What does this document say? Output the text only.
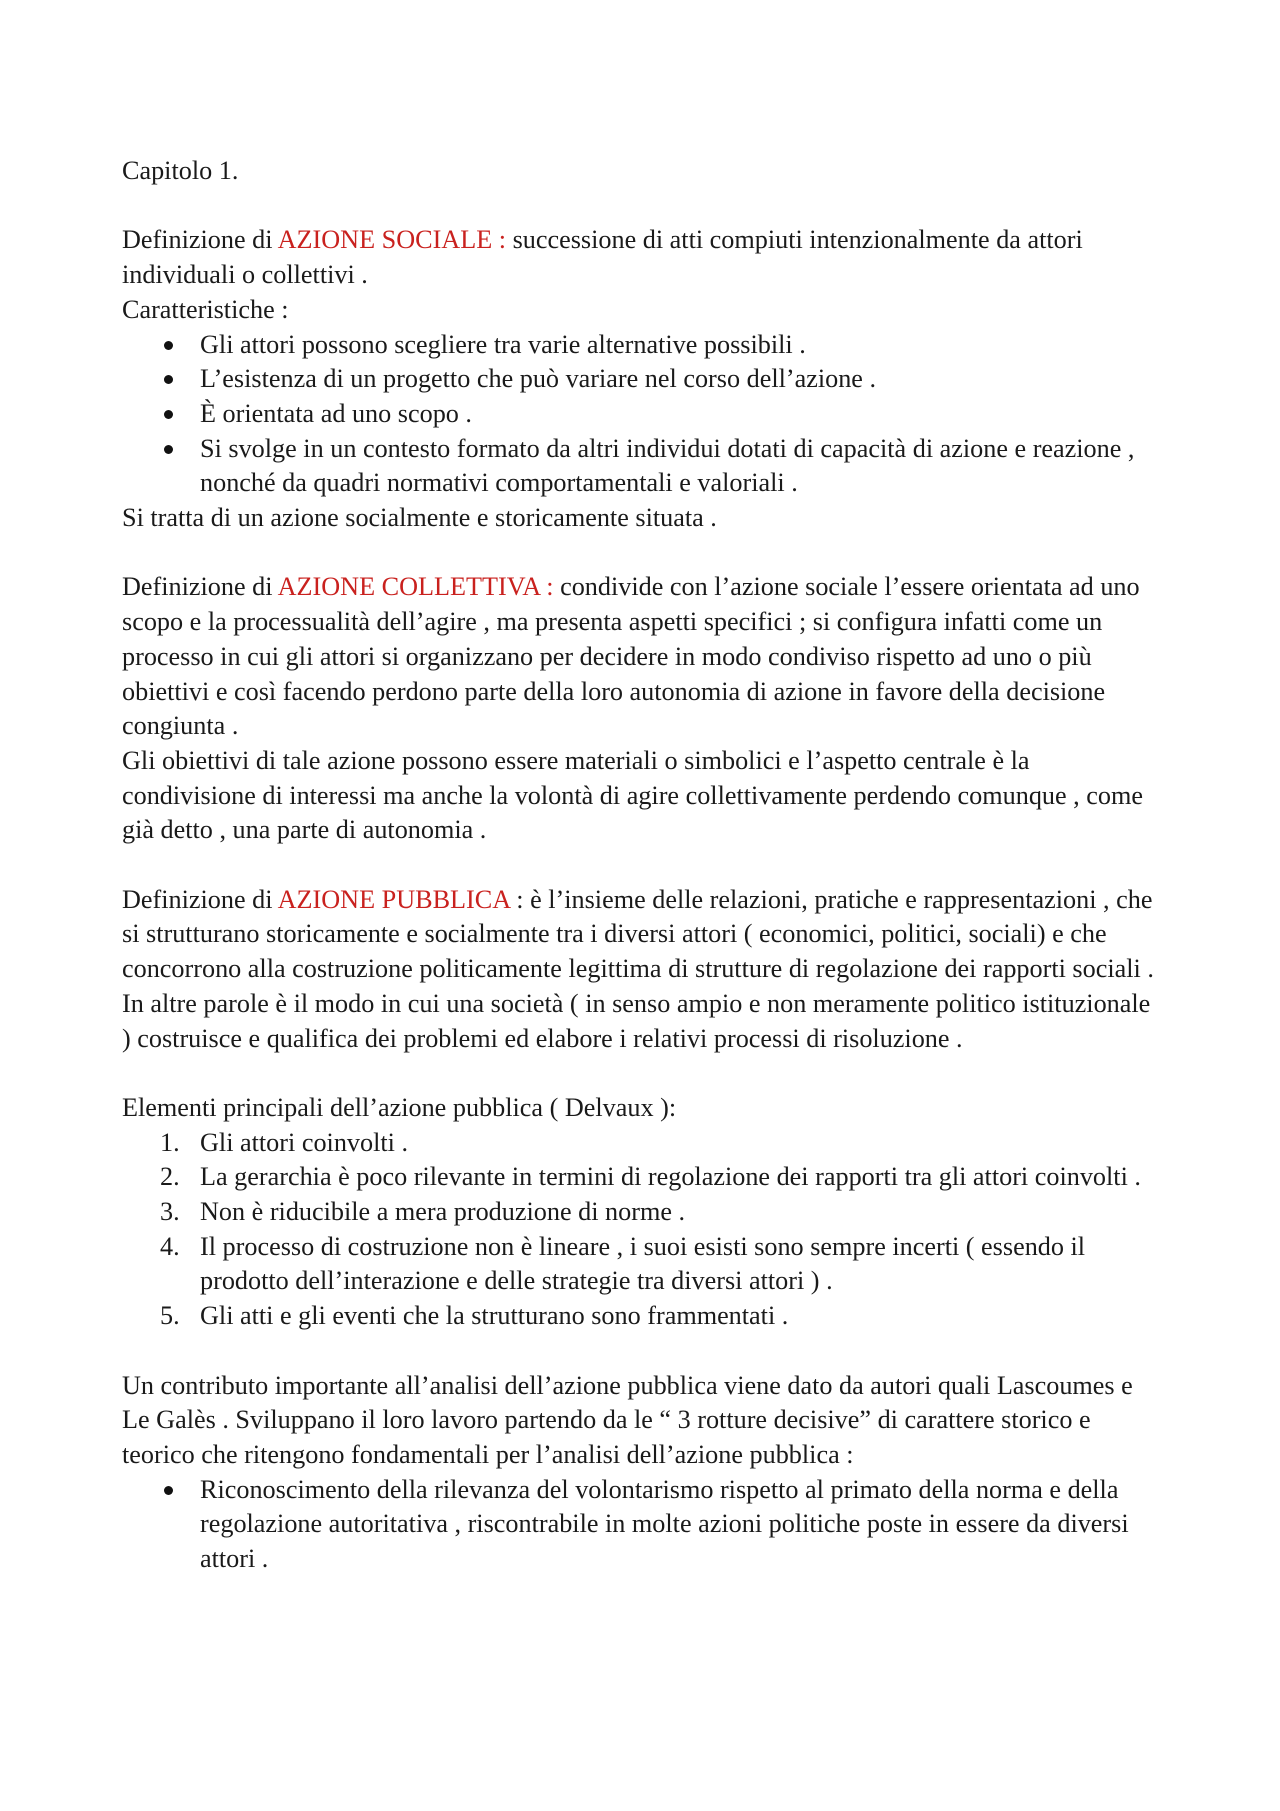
Capitolo 1.

Definizione di AZIONE SOCIALE : successione di atti compiuti intenzionalmente da attori individuali o collettivi .

Caratteristiche :

Gli attori possono scegliere tra varie alternative possibili .
L’esistenza di un progetto che può variare nel corso dell’azione .
È orientata ad uno scopo .
Si svolge in un contesto formato da altri individui dotati di capacità di azione e reazione , nonché da quadri normativi comportamentali e valoriali .

Si tratta di un azione socialmente e storicamente situata .

Definizione di AZIONE COLLETTIVA : condivide con l’azione sociale l’essere orientata ad uno scopo e la processualità dell’agire , ma presenta aspetti specifici ; si configura infatti come un processo in cui gli attori si organizzano per decidere in modo condiviso rispetto ad uno o più obiettivi e così facendo perdono parte della loro autonomia di azione in favore della decisione congiunta .

Gli obiettivi di tale azione possono essere materiali o simbolici e l’aspetto centrale è la condivisione di interessi ma anche la volontà di agire collettivamente perdendo comunque , come già detto , una parte di autonomia .

Definizione di AZIONE PUBBLICA : è l’insieme delle relazioni, pratiche e rappresentazioni , che si strutturano storicamente e socialmente tra i diversi attori ( economici, politici, sociali) e che concorrono alla costruzione politicamente legittima di strutture di regolazione dei rapporti sociali . In altre parole è il modo in cui una società ( in senso ampio e non meramente politico istituzionale ) costruisce e qualifica dei problemi ed elabore i relativi processi di risoluzione .

Elementi principali dell’azione pubblica ( Delvaux ):

1. Gli attori coinvolti .
2. La gerarchia è poco rilevante in termini di regolazione dei rapporti tra gli attori coinvolti .
3. Non è riducibile a mera produzione di norme .
4. Il processo di costruzione non è lineare , i suoi esisti sono sempre incerti ( essendo il prodotto dell’interazione e delle strategie tra diversi attori ) .
5. Gli atti e gli eventi che la strutturano sono frammentati .

Un contributo importante all’analisi dell’azione pubblica viene dato da autori quali Lascoumes e Le Galès . Sviluppano il loro lavoro partendo da le “ 3 rotture decisive” di carattere storico e teorico che ritengono fondamentali per l’analisi dell’azione pubblica :

Riconoscimento della rilevanza del volontarismo rispetto al primato della norma e della regolazione autoritativa , riscontrabile in molte azioni politiche poste in essere da diversi attori .
